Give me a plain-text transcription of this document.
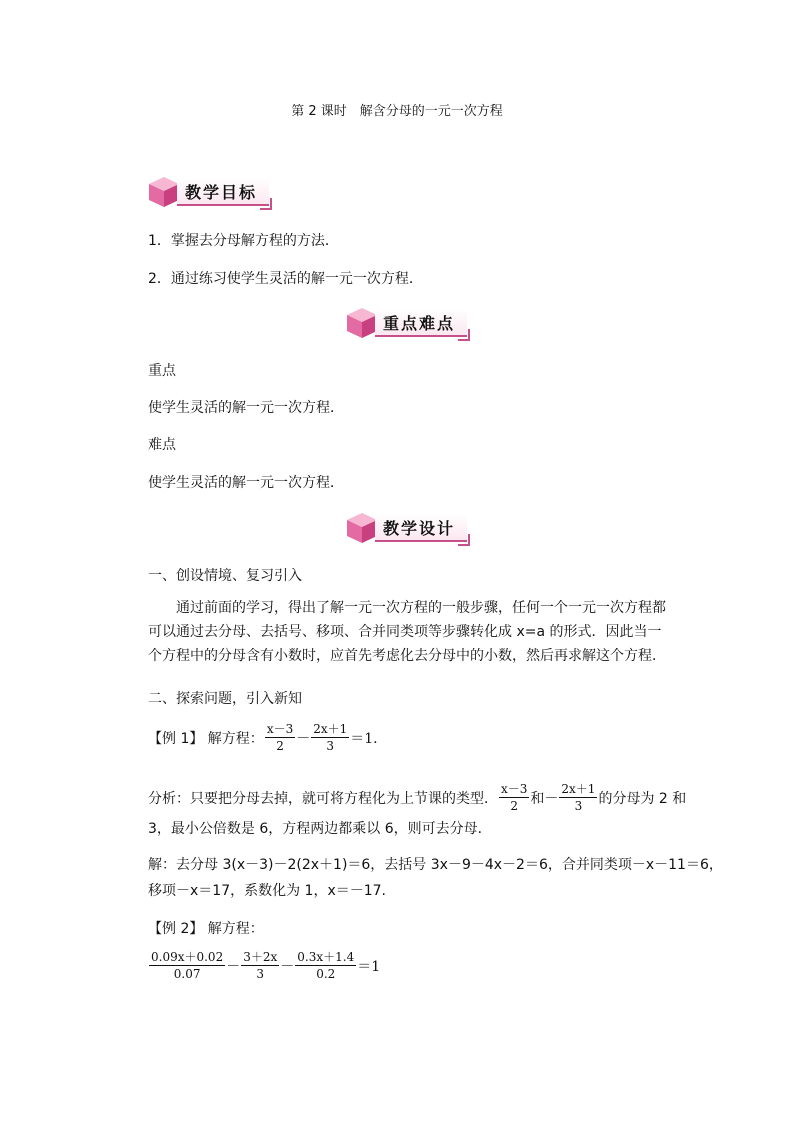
第 2 课时　解含分母的一元一次方程
教学目标
1．掌握去分母解方程的方法．
2．通过练习使学生灵活的解一元一次方程．
重点难点
重点
使学生灵活的解一元一次方程．
难点
使学生灵活的解一元一次方程．
教学设计
一、创设情境、复习引入
通过前面的学习，得出了解一元一次方程的一般步骤，任何一个一元一次方程都可以通过去分母、去括号、移项、合并同类项等步骤转化成 x=a 的形式．因此当一个方程中的分母含有小数时，应首先考虑化去分母中的小数，然后再求解这个方程．
二、探索问题，引入新知
【例 1】 解方程： $\frac{x-3}{2} - \frac{2x+1}{3} =1$.
分析：只要把分母去掉，就可将方程化为上节课的类型． $\frac{x-3}{2}$ 和－ $\frac{2x+1}{3}$ 的分母为 2 和
3，最小公倍数是 6，方程两边都乘以 6，则可去分母．
解：去分母 3(x－3)－2(2x＋1)＝6，去括号 3x－9－4x－2＝6，合并同类项－x－11＝6，
移项－x＝17，系数化为 1，x＝－17.
【例 2】 解方程：
$\frac{0.09x+0.02}{0.07} - \frac{3+2x}{3} - \frac{0.3x+1.4}{0.2} =1$
